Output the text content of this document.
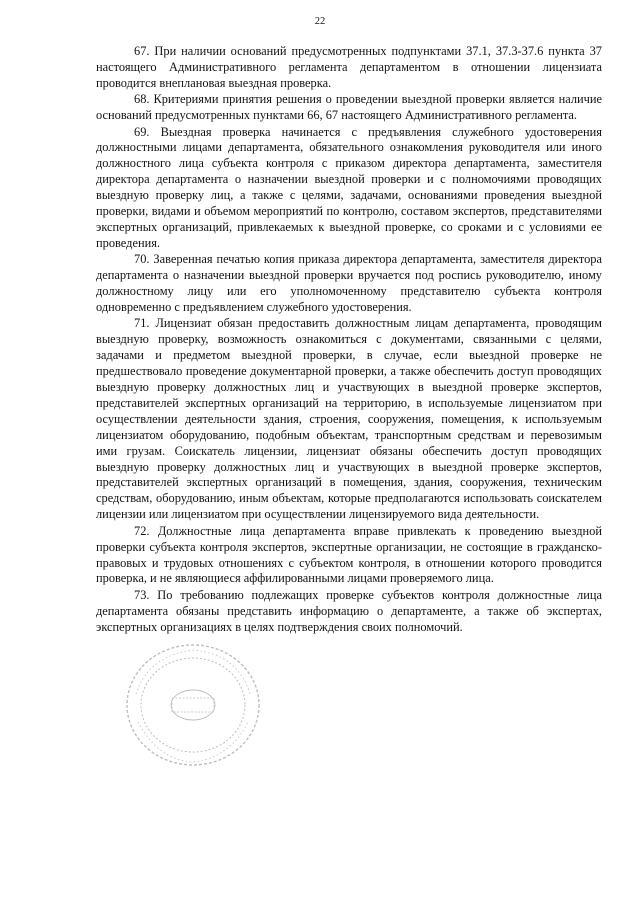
22

67. При наличии оснований предусмотренных подпунктами 37.1, 37.3-37.6 пункта 37 настоящего Административного регламента департаментом в отношении лицензиата проводится внеплановая выездная проверка.

68. Критериями принятия решения о проведении выездной проверки является наличие оснований предусмотренных пунктами 66, 67 настоящего Административного регламента.

69. Выездная проверка начинается с предъявления служебного удостоверения должностными лицами департамента, обязательного ознакомления руководителя или иного должностного лица субъекта контроля с приказом директора департамента, заместителя директора департамента о назначении выездной проверки и с полномочиями проводящих выездную проверку лиц, а также с целями, задачами, основаниями проведения выездной проверки, видами и объемом мероприятий по контролю, составом экспертов, представителями экспертных организаций, привлекаемых к выездной проверке, со сроками и с условиями ее проведения.

70. Заверенная печатью копия приказа директора департамента, заместителя директора департамента о назначении выездной проверки вручается под роспись руководителю, иному должностному лицу или его уполномоченному представителю субъекта контроля одновременно с предъявлением служебного удостоверения.

71. Лицензиат обязан предоставить должностным лицам департамента, проводящим выездную проверку, возможность ознакомиться с документами, связанными с целями, задачами и предметом выездной проверки, в случае, если выездной проверке не предшествовало проведение документарной проверки, а также обеспечить доступ проводящих выездную проверку должностных лиц и участвующих в выездной проверке экспертов, представителей экспертных организаций на территорию, в используемые лицензиатом при осуществлении деятельности здания, строения, сооружения, помещения, к используемым лицензиатом оборудованию, подобным объектам, транспортным средствам и перевозимым ими грузам. Соискатель лицензии, лицензиат обязаны обеспечить доступ проводящих выездную проверку должностных лиц и участвующих в выездной проверке экспертов, представителей экспертных организаций в помещения, здания, сооружения, техническим средствам, оборудованию, иным объектам, которые предполагаются использовать соискателем лицензии или лицензиатом при осуществлении лицензируемого вида деятельности.

72. Должностные лица департамента вправе привлекать к проведению выездной проверки субъекта контроля экспертов, экспертные организации, не состоящие в гражданско-правовых и трудовых отношениях с субъектом контроля, в отношении которого проводится проверка, и не являющиеся аффилированными лицами проверяемого лица.

73. По требованию подлежащих проверке субъектов контроля должностные лица департамента обязаны представить информацию о департаменте, а также об экспертах, экспертных организациях в целях подтверждения своих полномочий.
